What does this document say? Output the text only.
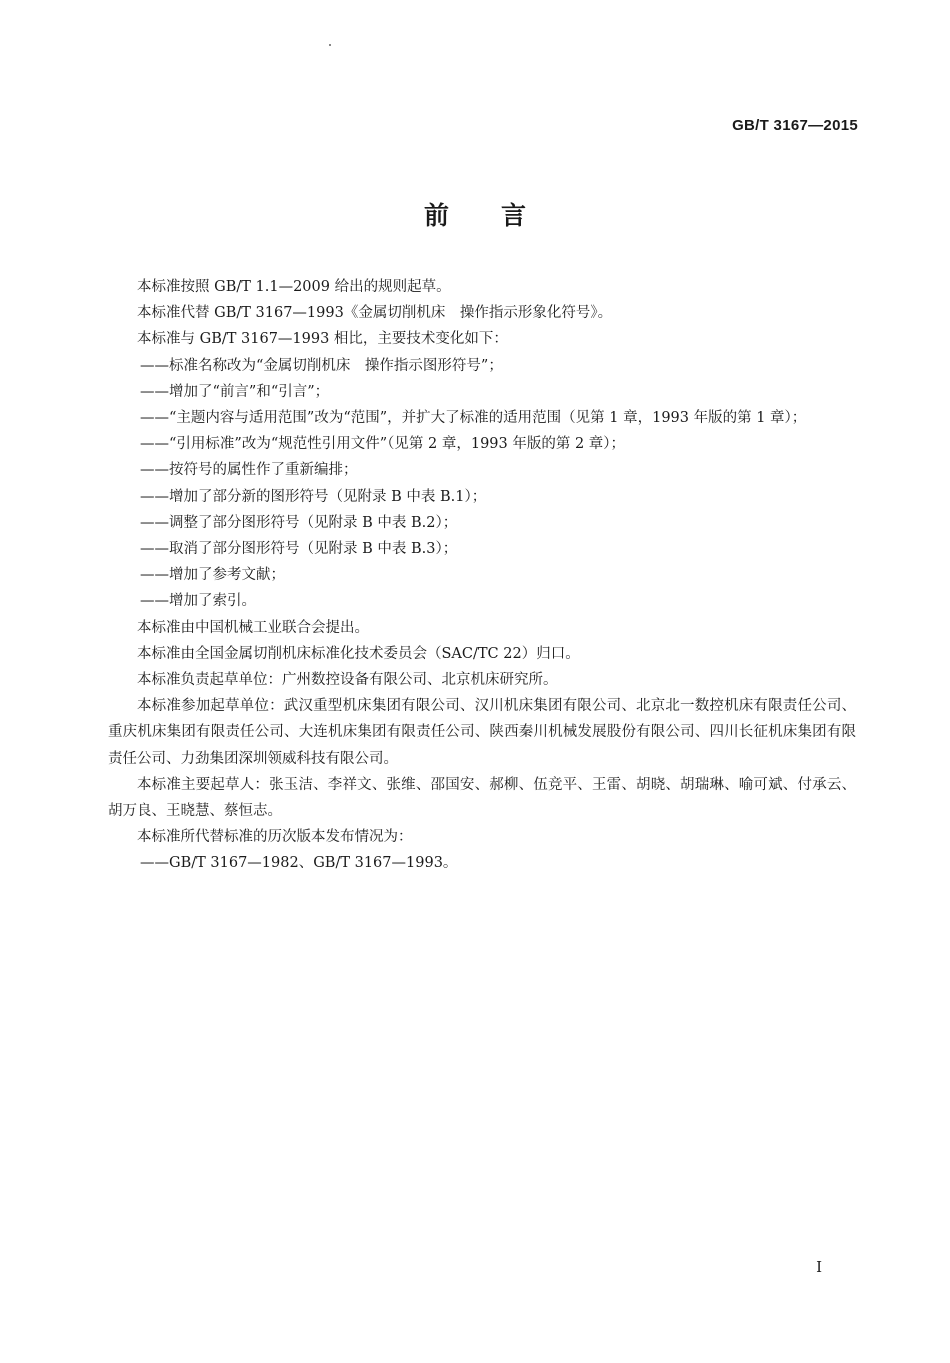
GB/T 3167—2015
前言

本标准按照 GB/T 1.1—2009 给出的规则起草。

本标准代替 GB/T 3167—1993《金属切削机床　操作指示形象化符号》。

本标准与 GB/T 3167—1993 相比，主要技术变化如下：

——标准名称改为“金属切削机床　操作指示图形符号”；

——增加了“前言”和“引言”；

——“主题内容与适用范围”改为“范围”，并扩大了标准的适用范围（见第 1 章，1993 年版的第 1 章）；

——“引用标准”改为“规范性引用文件”（见第 2 章，1993 年版的第 2 章）；

——按符号的属性作了重新编排；

——增加了部分新的图形符号（见附录 B 中表 B.1）；

——调整了部分图形符号（见附录 B 中表 B.2）；

——取消了部分图形符号（见附录 B 中表 B.3）；

——增加了参考文献；

——增加了索引。

本标准由中国机械工业联合会提出。

本标准由全国金属切削机床标准化技术委员会（SAC/TC 22）归口。

本标准负责起草单位：广州数控设备有限公司、北京机床研究所。

本标准参加起草单位：武汉重型机床集团有限公司、汉川机床集团有限公司、北京北一数控机床有限责任公司、重庆机床集团有限责任公司、大连机床集团有限责任公司、陕西秦川机械发展股份有限公司、四川长征机床集团有限责任公司、力劲集团深圳领威科技有限公司。

本标准主要起草人：张玉洁、李祥文、张维、邵国安、郝柳、伍竞平、王雷、胡晓、胡瑞琳、喻可斌、付承云、胡万良、王晓慧、蔡恒志。

本标准所代替标准的历次版本发布情况为：

——GB/T 3167—1982、GB/T 3167—1993。

I
